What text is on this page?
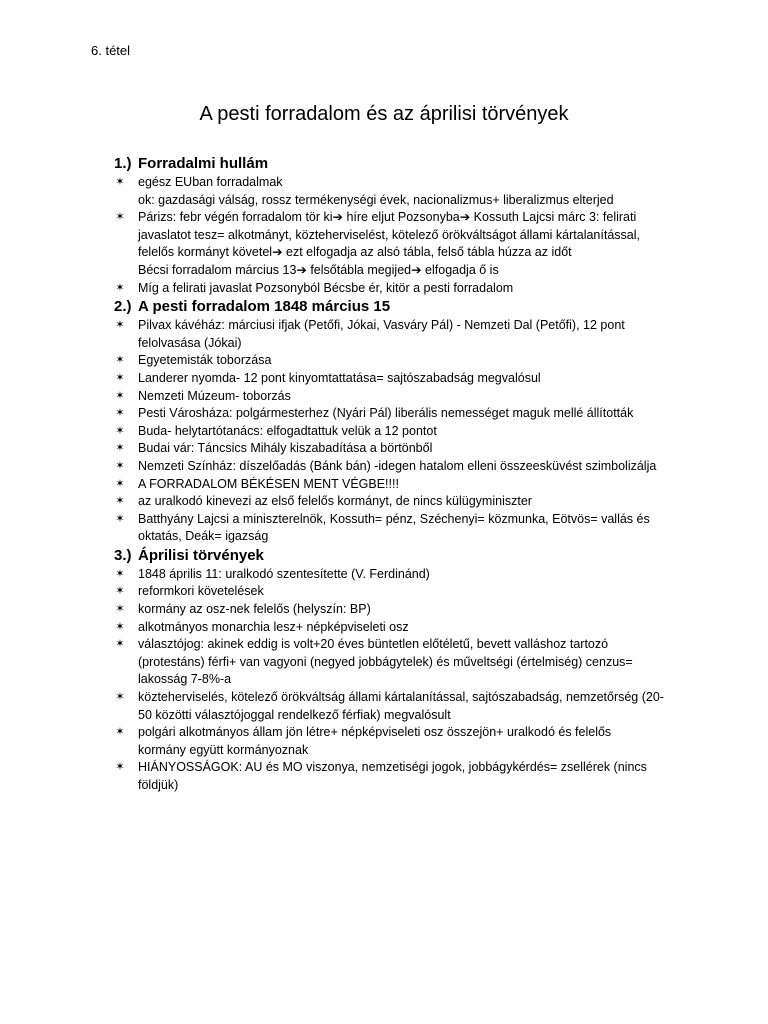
6. tétel
A pesti forradalom és az áprilisi törvények
1.) Forradalmi hullám
✶ egész EUban forradalmak
ok: gazdasági válság, rossz termékenységi évek, nacionalizmus+ liberalizmus elterjed
✶ Párizs: febr végén forradalom tör ki➔ híre eljut Pozsonyba➔ Kossuth Lajcsi márc 3: felirati
javaslatot tesz= alkotmányt, közteherviselést, kötelező örökváltságot állami kártalanítással,
felelős kormányt követel➔ ezt elfogadja az alsó tábla, felső tábla húzza az időt
Bécsi forradalom március 13➔ felsőtábla megijed➔ elfogadja ő is
✶ Míg a felirati javaslat Pozsonyból Bécsbe ér, kitör a pesti forradalom
2.) A pesti forradalom 1848 március 15
✶ Pilvax kávéház: márciusi ifjak (Petőfi, Jókai, Vasváry Pál) - Nemzeti Dal (Petőfi), 12 pont
felolvasása (Jókai)
✶ Egyetemisták toborzása
✶ Landerer nyomda- 12 pont kinyomtattatása= sajtószabadság megvalósul
✶ Nemzeti Múzeum- toborzás
✶ Pesti Városháza: polgármesterhez (Nyári Pál) liberális nemességet maguk mellé állították
✶ Buda- helytartótanács: elfogadtattuk velük a 12 pontot
✶ Budai vár: Táncsics Mihály kiszabadítása a börtönből
✶ Nemzeti Színház: díszelőadás (Bánk bán) -idegen hatalom elleni összeesküvést szimbolizálja
✶ A FORRADALOM BÉKÉSEN MENT VÉGBE!!!!
✶ az uralkodó kinevezi az első felelős kormányt, de nincs külügyminiszter
✶ Batthyány Lajcsi a miniszterelnök, Kossuth= pénz, Széchenyi= közmunka, Eötvös= vallás és
oktatás, Deák= igazság
3.) Áprilisi törvények
✶ 1848 április 11: uralkodó szentesítette (V. Ferdinánd)
✶ reformkori követelések
✶ kormány az osz-nek felelős (helyszín: BP)
✶ alkotmányos monarchia lesz+ népképviseleti osz
✶ választójog: akinek eddig is volt+20 éves büntetlen előtéletű, bevett valláshoz tartozó
(protestáns) férfi+ van vagyoni (negyed jobbágytelek) és műveltségi (értelmiség) cenzus=
lakosság 7-8%-a
✶ közteherviselés, kötelező örökváltság állami kártalanítással, sajtószabadság, nemzetőrség (20-
50 közötti választójoggal rendelkező férfiak) megvalósult
✶ polgári alkotmányos állam jön létre+ népképviseleti osz összejön+ uralkodó és felelős
kormány együtt kormányoznak
✶ HIÁNYOSSÁGOK: AU és MO viszonya, nemzetiségi jogok, jobbágykérdés= zsellérek (nincs
földjük)
